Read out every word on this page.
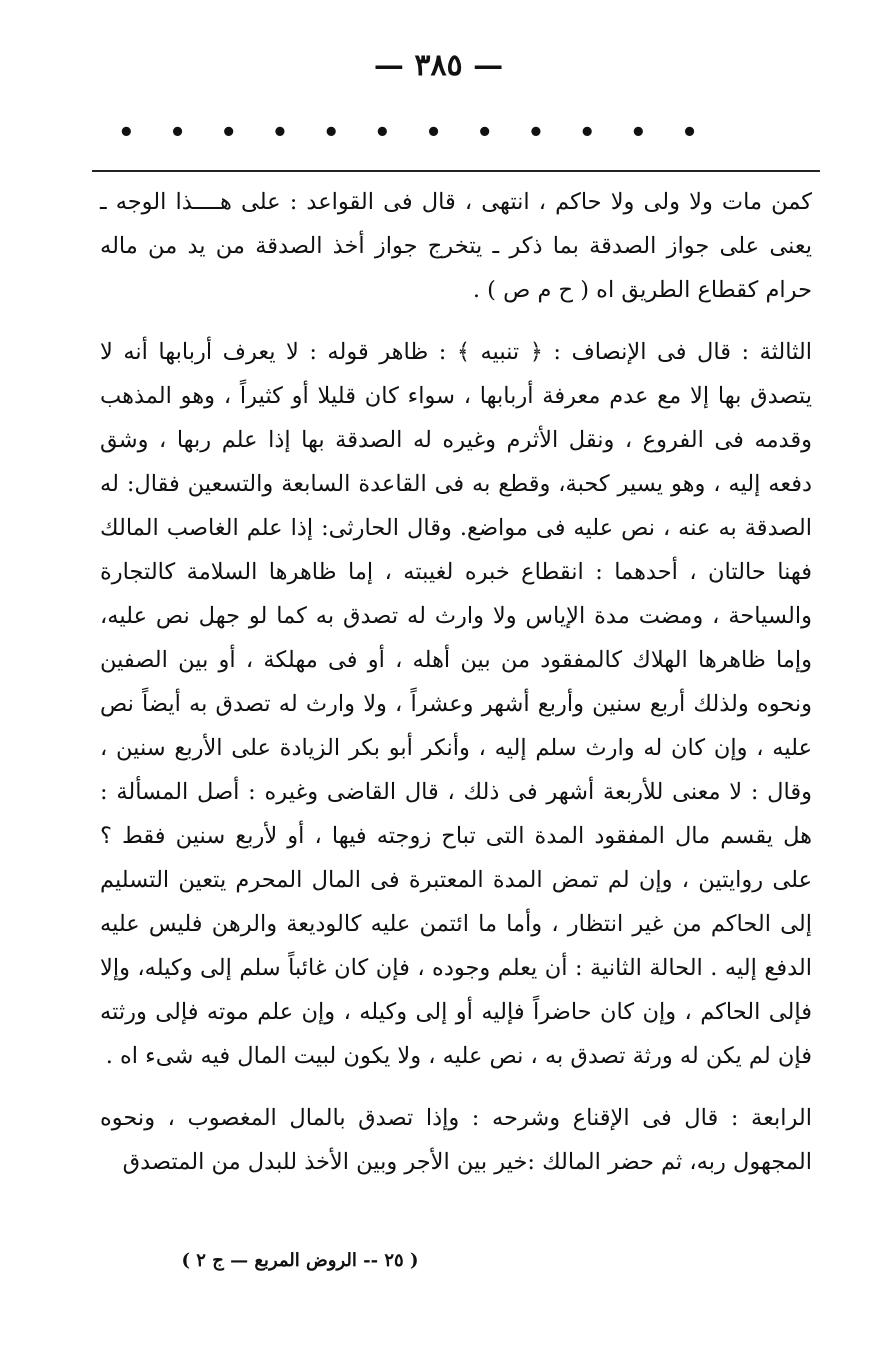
— ٣٨٥ —
• • • • • • • • • • • •

كمن مات ولا ولى ولا حاكم ، انتهى ، قال فى القواعد : على هــــذا الوجه ـ يعنى على جواز الصدقة بما ذكر ـ يتخرج جواز أخذ الصدقة من يد من ماله حرام كقطاع الطريق اه ( ح م ص ) .

الثالثة : قال فى الإنصاف : ﴿ تنبيه ﴾ : ظاهر قوله : لا يعرف أربابها أنه لا يتصدق بها إلا مع عدم معرفة أربابها ، سواء كان قليلا أو كثيراً ، وهو المذهب وقدمه فى الفروع ، ونقل الأثرم وغيره له الصدقة بها إذا علم ربها ، وشق دفعه إليه ، وهو يسير كحبة، وقطع به فى القاعدة السابعة والتسعين فقال: له الصدقة به عنه ، نص عليه فى مواضع. وقال الحارثى: إذا علم الغاصب المالك فهنا حالتان ، أحدهما : انقطاع خبره لغيبته ، إما ظاهرها السلامة كالتجارة والسياحة ، ومضت مدة الإياس ولا وارث له تصدق به كما لو جهل نص عليه، وإما ظاهرها الهلاك كالمفقود من بين أهله ، أو فى مهلكة ، أو بين الصفين ونحوه ولذلك أربع سنين وأربع أشهر وعشراً ، ولا وارث له تصدق به أيضاً نص عليه ، وإن كان له وارث سلم إليه ، وأنكر أبو بكر الزيادة على الأربع سنين ، وقال : لا معنى للأربعة أشهر فى ذلك ، قال القاضى وغيره : أصل المسألة : هل يقسم مال المفقود المدة التى تباح زوجته فيها ، أو لأربع سنين فقط ؟ على روايتين ، وإن لم تمض المدة المعتبرة فى المال المحرم يتعين التسليم إلى الحاكم من غير انتظار ، وأما ما ائتمن عليه كالوديعة والرهن فليس عليه الدفع إليه . الحالة الثانية : أن يعلم وجوده ، فإن كان غائباً سلم إلى وكيله، وإلا فإلى الحاكم ، وإن كان حاضراً فإليه أو إلى وكيله ، وإن علم موته فإلى ورثته فإن لم يكن له ورثة تصدق به ، نص عليه ، ولا يكون لبيت المال فيه شىء اه .

الرابعة : قال فى الإقناع وشرحه : وإذا تصدق بالمال المغصوب ، ونحوه المجهول ربه، ثم حضر المالك :خير بين الأجر وبين الأخذ للبدل من المتصدق

( ٢٥ -- الروض المربع — ج ٢ )
